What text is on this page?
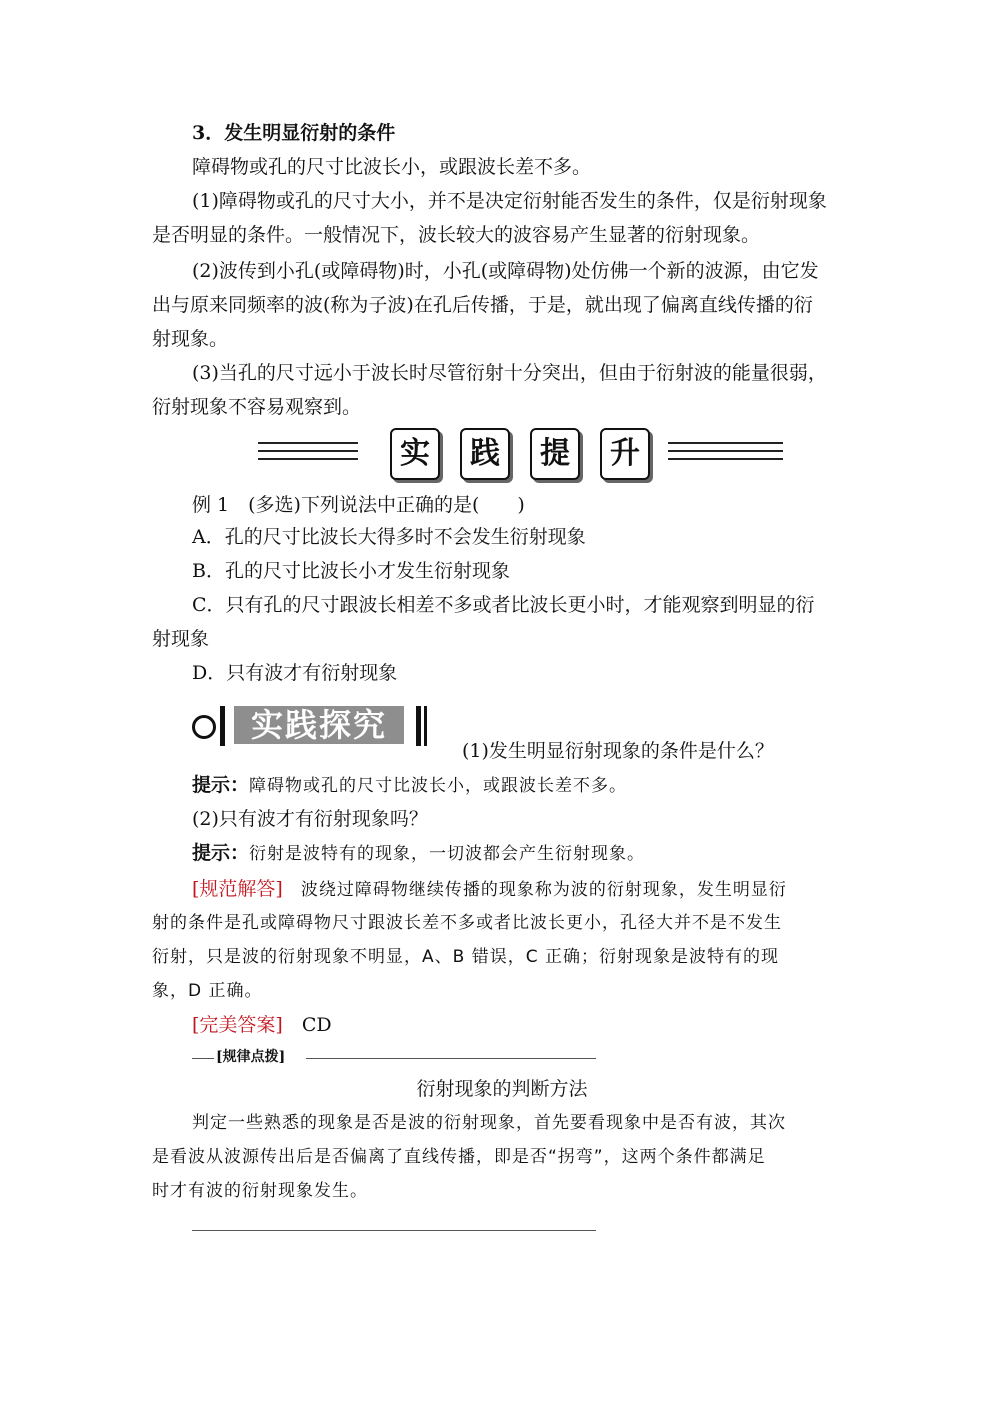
3．发生明显衍射的条件
障碍物或孔的尺寸比波长小，或跟波长差不多。
(1)障碍物或孔的尺寸大小，并不是决定衍射能否发生的条件，仅是衍射现象
是否明显的条件。一般情况下，波长较大的波容易产生显著的衍射现象。
(2)波传到小孔(或障碍物)时，小孔(或障碍物)处仿佛一个新的波源，由它发
出与原来同频率的波(称为子波)在孔后传播，于是，就出现了偏离直线传播的衍
射现象。
(3)当孔的尺寸远小于波长时尽管衍射十分突出，但由于衍射波的能量很弱，
衍射现象不容易观察到。
实	践	提	升
例 1　(多选)下列说法中正确的是(　　)
A．孔的尺寸比波长大得多时不会发生衍射现象
B．孔的尺寸比波长小才发生衍射现象
C．只有孔的尺寸跟波长相差不多或者比波长更小时，才能观察到明显的衍
射现象
D．只有波才有衍射现象
实践探究
(1)发生明显衍射现象的条件是什么？
提示：障碍物或孔的尺寸比波长小，或跟波长差不多。
(2)只有波才有衍射现象吗？
提示：衍射是波特有的现象，一切波都会产生衍射现象。
[规范解答]　波绕过障碍物继续传播的现象称为波的衍射现象，发生明显衍
射的条件是孔或障碍物尺寸跟波长差不多或者比波长更小，孔径大并不是不发生
衍射，只是波的衍射现象不明显，A、B 错误，C 正确；衍射现象是波特有的现
象，D 正确。
[完美答案]　CD
[规律点拨]
衍射现象的判断方法
判定一些熟悉的现象是否是波的衍射现象，首先要看现象中是否有波，其次
是看波从波源传出后是否偏离了直线传播，即是否“拐弯”，这两个条件都满足
时才有波的衍射现象发生。
